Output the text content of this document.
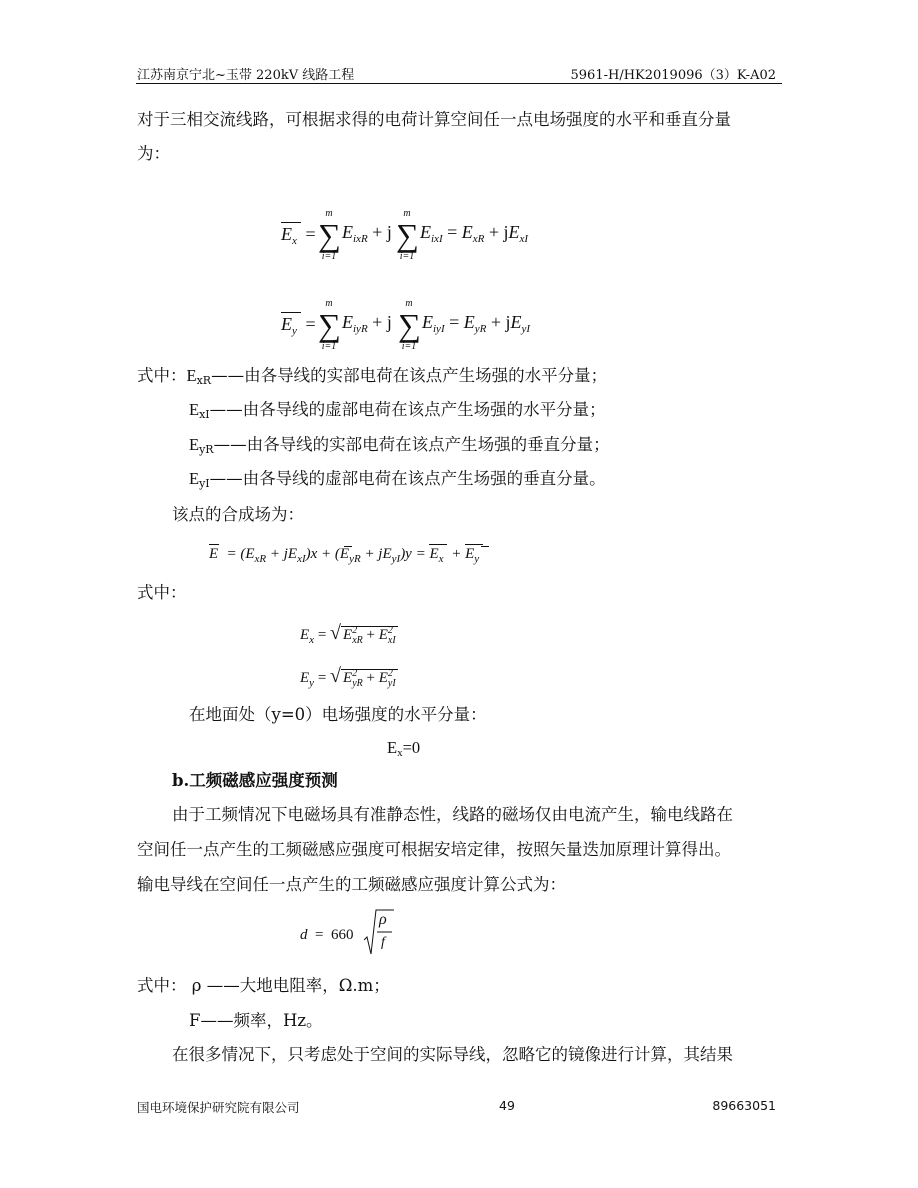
江苏南京宁北~玉带 220kV 线路工程	5961-H/HK2019096（3）K-A02
对于三相交流线路，可根据求得的电荷计算空间任一点电场强度的水平和垂直分量
为：
$E_x$ =
m
∑
i=1
$E_{ixR} + j$
m
∑
i=1
$E_{ixI} = E_{xR} + jE_{xI}$
$E_y$ =
m
∑
i=1
$E_{iyR} + j$
m
∑
i=1
$E_{iyI} = E_{yR} + jE_{yI}$
式中：ExR——由各导线的实部电荷在该点产生场强的水平分量；
ExI——由各导线的虚部电荷在该点产生场强的水平分量；
EyR——由各导线的实部电荷在该点产生场强的垂直分量；
EyI——由各导线的虚部电荷在该点产生场强的垂直分量。
该点的合成场为：
$E = (E_{xR} + jE_{xI})x + (E_{yR} + jE_{yI})y = E_x + E_y$
式中：
$E_x$ = √ E 2
xR + E 2
xI
$E_y$ = √ E 2
yR + E 2
yI
在地面处（y=0）电场强度的水平分量：
Ex=0
b.工频磁感应强度预测
由于工频情况下电磁场具有准静态性，线路的磁场仅由电流产生，输电线路在
空间任一点产生的工频磁感应强度可根据安培定律，按照矢量迭加原理计算得出。
输电导线在空间任一点产生的工频磁感应强度计算公式为：
d = 660
ρ
f
式中： ρ ——大地电阻率，Ω.m；
F——频率，Hz。
在很多情况下，只考虑处于空间的实际导线，忽略它的镜像进行计算，其结果
国电环境保护研究院有限公司	49	89663051
